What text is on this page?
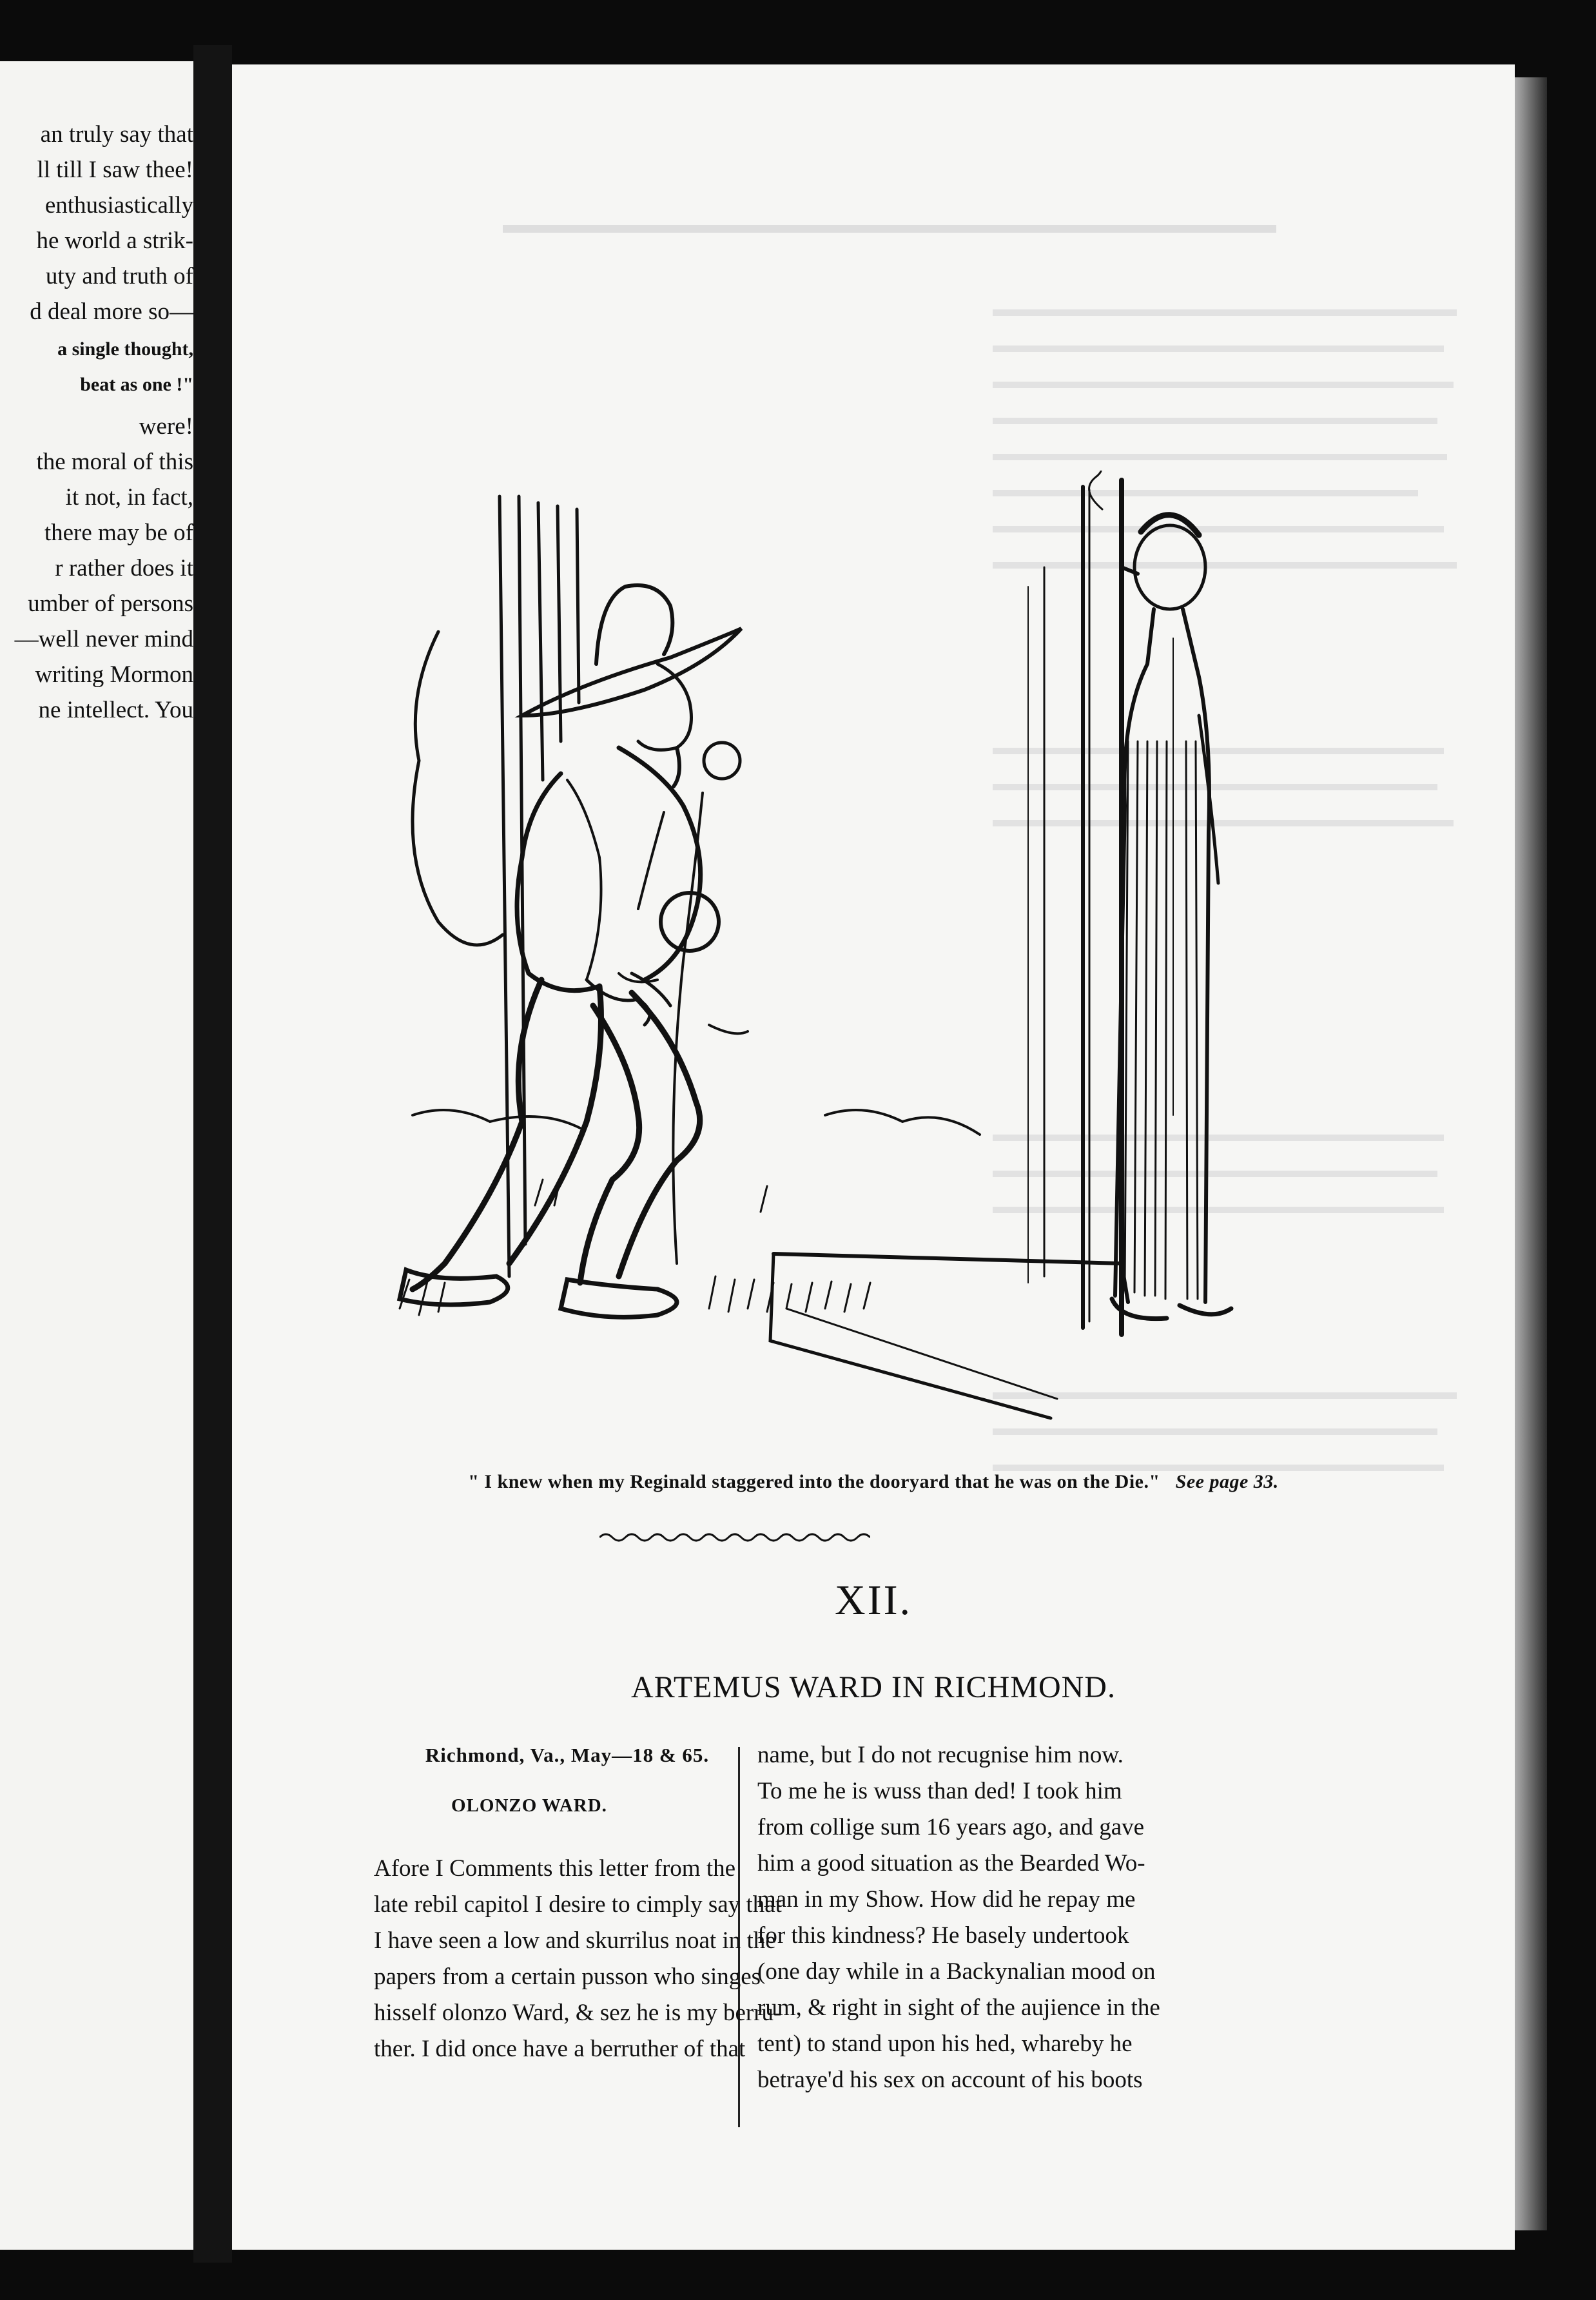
an truly say that
ll till I saw thee!
enthusiastically
he world a strik-
uty and truth of
d deal more so—
a single thought,
beat as one !"
were!
the moral of this
it not, in fact,
there may be of
r rather does it
umber of persons
—well never mind
writing Mormon
ne intellect. You
" I knew when my Reginald staggered into the dooryard that he was on the Die." See page 33.
XII.
ARTEMUS WARD IN RICHMOND.
Richmond, Va., May—18 & 65.
OLONZO WARD.
Afore I Comments this letter from the
late rebil capitol I desire to cimply say that
I have seen a low and skurrilus noat in the
papers from a certain pusson who singes
hisself olonzo Ward, & sez he is my berru-
ther. I did once have a berruther of that
name, but I do not recugnise him now.
To me he is wuss than ded! I took him
from collige sum 16 years ago, and gave
him a good situation as the Bearded Wo-
man in my Show. How did he repay me
for this kindness? He basely undertook
(one day while in a Backynalian mood on
rum, & right in sight of the aujience in the
tent) to stand upon his hed, whareby he
betraye'd his sex on account of his boots
